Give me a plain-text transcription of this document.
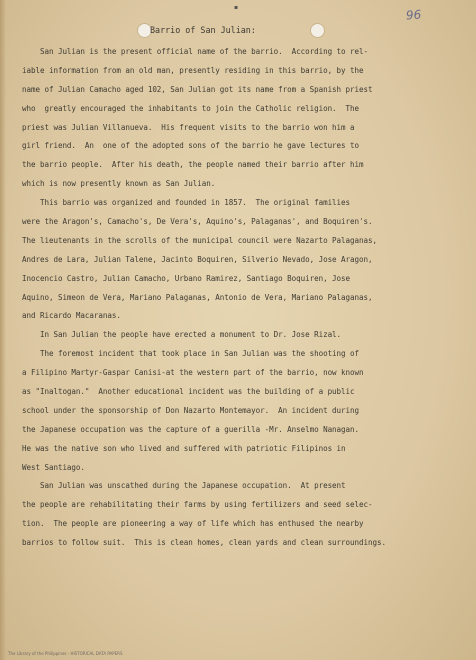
▪	96
Barrio of San Julian:
San Julian is the present official name of the barrio.  According to rel-
iable information from an old man, presently residing in this barrio, by the
name of Julian Camacho aged 102, San Julian got its name from a Spanish priest
who  greatly encouraged the inhabitants to join the Catholic religion.  The
priest was Julian Villanueva.  His frequent visits to the barrio won him a
girl friend.  An  one of the adopted sons of the barrio he gave lectures to
the barrio people.  After his death, the people named their barrio after him
which is now presently known as San Julian.
This barrio was organized and founded in 1857.  The original families
were the Aragon's, Camacho's, De Vera's, Aquino's, Palaganas', and Boquiren's.
The lieutenants in the scrolls of the municipal council were Nazarto Palaganas,
Andres de Lara, Julian Talene, Jacinto Boquiren, Silverio Nevado, Jose Aragon,
Inocencio Castro, Julian Camacho, Urbano Ramirez, Santiago Boquiren, Jose
Aquino, Simeon de Vera, Mariano Palaganas, Antonio de Vera, Mariano Palaganas,
and Ricardo Macaranas.
In San Julian the people have erected a monument to Dr. Jose Rizal.
The foremost incident that took place in San Julian was the shooting of
a Filipino Martyr-Gaspar Canisi-at the western part of the barrio, now known
as "Inaltogan."  Another educational incident was the building of a public
school under the sponsorship of Don Nazarto Montemayor.  An incident during
the Japanese occupation was the capture of a guerilla -Mr. Anselmo Nanagan.
He was the native son who lived and suffered with patriotic Filipinos in
West Santiago.
San Julian was unscathed during the Japanese occupation.  At present
the people are rehabilitating their farms by using fertilizers and seed selec-
tion.  The people are pioneering a way of life which has enthused the nearby
barrios to follow suit.  This is clean homes, clean yards and clean surroundings.
The Library of the Philippines - HISTORICAL DATA PAPERS
